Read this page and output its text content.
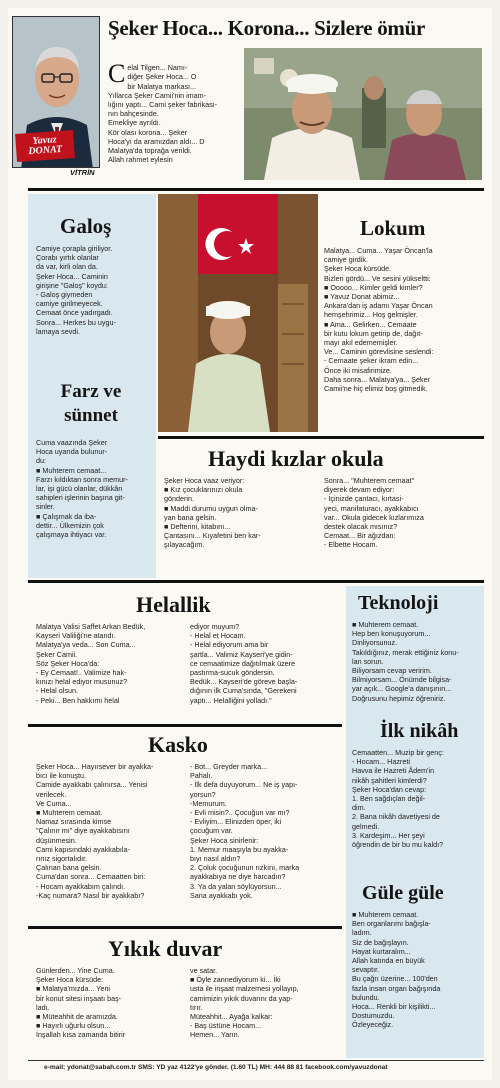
Yavuz DONAT
VİTRİN
Şeker Hoca... Korona... Sizlere ömür

Celal Tilgen... Namı-
diğer Şeker Hoca... O
bir Malatya markası...
Yıllarca Şeker Camii'nin imam-
lığını yaptı... Cami şeker fabrikası-
nın bahçesinde.
Emekliye ayrıldı.
Kör olası korona... Şeker
Hoca'yı da aramızdan aldı... D
Malatya'da toprağa verildi.
Allah rahmet eylesin

Galoş
Camiye çorapla giriliyor.
Çorabı yırtık olanlar
da var, kirli olan da.
Şeker Hoca... Caminin
girişine "Galoş" koydu:
- Galoş giymeden
camiye girilmeyecek.
Cemaat önce yadırgadı.
Sonra... Herkes bu uygu-
lamaya sevdi.
Farz ve sünnet
Cuma vaazında Şeker
Hoca uyarıda bulunur-
du:
■ Muhterem cemaat...
Farzı kıldıktan sonra memur-
lar, işi gücü olanlar, dükkân
sahipleri işlerinin başına git-
sinler.
■ Çalışmak da iba-
dettir... Ülkemizin çok
çalışmaya ihtiyacı var.
Lokum
Malatya... Cuma... Yaşar Öncan'la
camiye girdik.
Şeker Hoca kürsüde.
Bizleri gördü... Ve sesini yükseltti:
■ Ooooo... Kimler geldi kimler?
■ Yavuz Donat abimiz...
Ankara'dan iş adamı Yaşar Öncan
hemşehrimiz... Hoş gelmişler.
■ Ama... Gelirken... Cemaate
bir kutu lokum getirip de, dağıt-
mayı akıl edememişler.
Ve... Caminin görevlisine seslendi:
- Cemaate şeker ikram edin...
Önce iki misafirimize.
Daha sonra... Malatya'ya... Şeker
Camii'ne hiç elimiz boş gitmedik.
Haydi kızlar okula
Şeker Hoca vaaz veriyor:
■ Kız çocuklarınızı okula
gönderin.
■ Maddi durumu uygun olma-
yan bana gelsin.
■ Defterini, kitabını...
Çantasını... Kıyafetini ben kar-
şılayacağım.
Sonra... "Muhterem cemaat"
diyerek devam ediyor:
- İçinizde çantacı, kırtasi-
yeci, manifaturacı, ayakkabıcı
var... Okula gidecek kızlarımıza
destek olacak mısınız?
Cemaat... Bir ağızdan:
- Elbette Hocam.
Helallik
Malatya Valisi Saffet Arkan Bedük,
Kayseri Valiliği'ne atandı.
Malatya'ya veda... Son Cuma...
Şeker Camii.
Söz Şeker Hoca'da:
- Ey Cemaat!.. Valimize hak-
kınızı helal ediyor musunuz?
- Helal olsun.
- Peki... Ben hakkımı helal
ediyor muyum?
- Helal et Hocam.
- Helal ediyorum ama bir
şartla... Valimiz Kayseri'ye gidin-
ce cemaatimize dağıtılmak üzere
pastırma-sucuk göndersin.
Bedük... Kayseri'de göreve başla-
dığının ilk Cuma'sında, "Gerekeni
yaptı... Helalliğini yolladı."
Teknoloji
■ Muhterem cemaat.
Hep ben konuşuyorum...
Dinliyorsunuz.
Takıldığınız, merak ettiğiniz konu-
lan sorun.
Biliyorsam cevap veririm.
Bilmiyorsam... Önümde bilgisa-
yar açık... Google'a danışının...
Doğrusunu hepimiz öğreniriz.
İlk nikâh
Cemaatten... Muzip bir genç:
- Hocam... Hazreti
Havva ile Hazreti Âdem'in
nikâh şahitleri kimlerdi?
Şeker Hoca'dan cevap:
1. Ben sağdıçlan değil-
dim.
2. Bana nikâh davetiyesi de
gelmedi.
3. Kardeşim... Her şeyi
öğrendin de bir bu mu kaldı?
Güle güle
■ Muhterem cemaat.
Ben organlarımı bağışla-
ladım.
Siz de bağışlayın.
Hayat kurtaralım...
Allah katında en büyük
sevaptır.
Bu çağrı üzerine... 100'den
fazla insan organ bağışında
bulundu.
Hoca... Renkli bir kişilikti...
Dostumuzdu.
Özleyeceğiz.
Kasko
Şeker Hoca... Hayırsever bir ayakka-
bıcı ile konuştu.
Camide ayakkabı çalınırsa... Yenisi
verilecek.
Ve Cuma...
■ Muhterem cemaat.
Namaz sırasında kimse
"Çalınır mı" diye ayakkabısını
düşünmesin.
Cami kapısındaki ayakkabıla-
rınız sigortalıdır.
Çalınan bana gelsin.
Cuma'dan sonra... Cemaatten biri:
- Hocam ayakkabım çalındı.
-Kaç numara? Nasıl bir ayakkabı?
- Bot... Greyder marka...
Pahalı.
- İlk defa duyuyorum... Ne iş yapı-
yorsun?
-Memurum.
- Evli misin?.. Çocuğun var mı?
- Evliyim... Elinizden öper, iki
çocuğum var.
Şeker Hoca sinirlenir:
1. Memur maaşıyla bu ayakka-
bıyı nasıl aldın?
2. Çoluk çocuğunun rızkını, marka
ayakkabıya ne diye harcadın?
3. Ya da yalan söylüyorsun...
Sana ayakkabı yok.
Yıkık duvar
Günlerden... Yine Cuma.
Şeker Hoca kürsüde:
■ Malatya'mızda... Yeni
bir konut sitesi inşaatı baş-
ladı.
■ Müteahhit de aramızda.
■ Hayırlı uğurlu olsun...
İnşallah kısa zamanda bitirir
ve satar.
■ Öyle zannediyorum ki... İki
usta ile inşaat malzemesi yollayıp,
camimizin yıkık duvarını da yap-
tırır.
Müteahhit... Ayağa kalkar:
- Baş üstüne Hocam...
Hemen... Yarın.
e-mail: ydonat@sabah.com.tr SMS: YD yaz 4122'ye gönder. (1.60 TL) MH: 444 88 81 facebook.com/yavuzdonat
